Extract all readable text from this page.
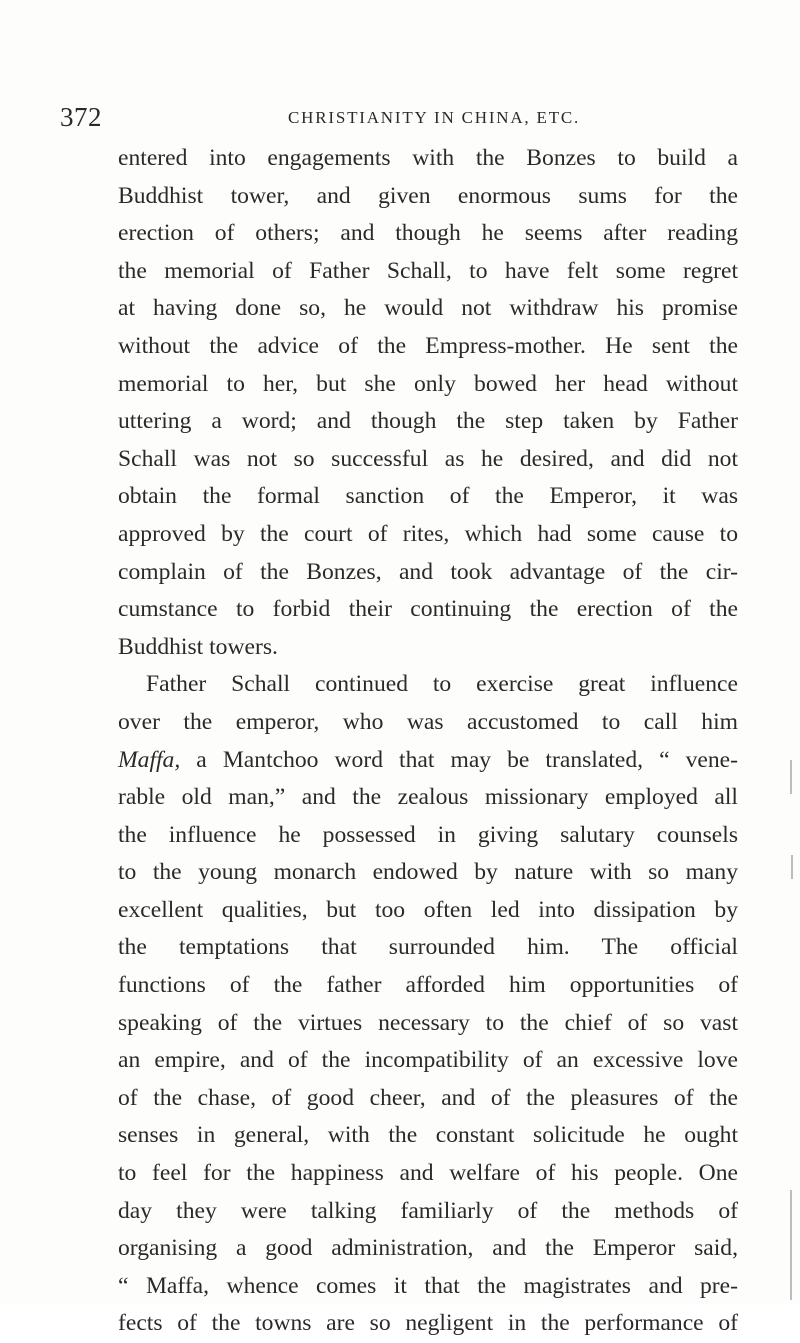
372	CHRISTIANITY IN CHINA, ETC.
entered into engagements with the Bonzes to build a
Buddhist tower, and given enormous sums for the
erection of others; and though he seems after reading
the memorial of Father Schall, to have felt some regret
at having done so, he would not withdraw his promise
without the advice of the Empress-mother. He sent the
memorial to her, but she only bowed her head without
uttering a word; and though the step taken by Father
Schall was not so successful as he desired, and did not
obtain the formal sanction of the Emperor, it was
approved by the court of rites, which had some cause to
complain of the Bonzes, and took advantage of the cir-
cumstance to forbid their continuing the erection of the
Buddhist towers.
Father Schall continued to exercise great influence
over the emperor, who was accustomed to call him
Maffa, a Mantchoo word that may be translated, “ vene-
rable old man,” and the zealous missionary employed all
the influence he possessed in giving salutary counsels
to the young monarch endowed by nature with so many
excellent qualities, but too often led into dissipation by
the temptations that surrounded him. The official
functions of the father afforded him opportunities of
speaking of the virtues necessary to the chief of so vast
an empire, and of the incompatibility of an excessive love
of the chase, of good cheer, and of the pleasures of the
senses in general, with the constant solicitude he ought
to feel for the happiness and welfare of his people. One
day they were talking familiarly of the methods of
organising a good administration, and the Emperor said,
“ Maffa, whence comes it that the magistrates and pre-
fects of the towns are so negligent in the performance of
